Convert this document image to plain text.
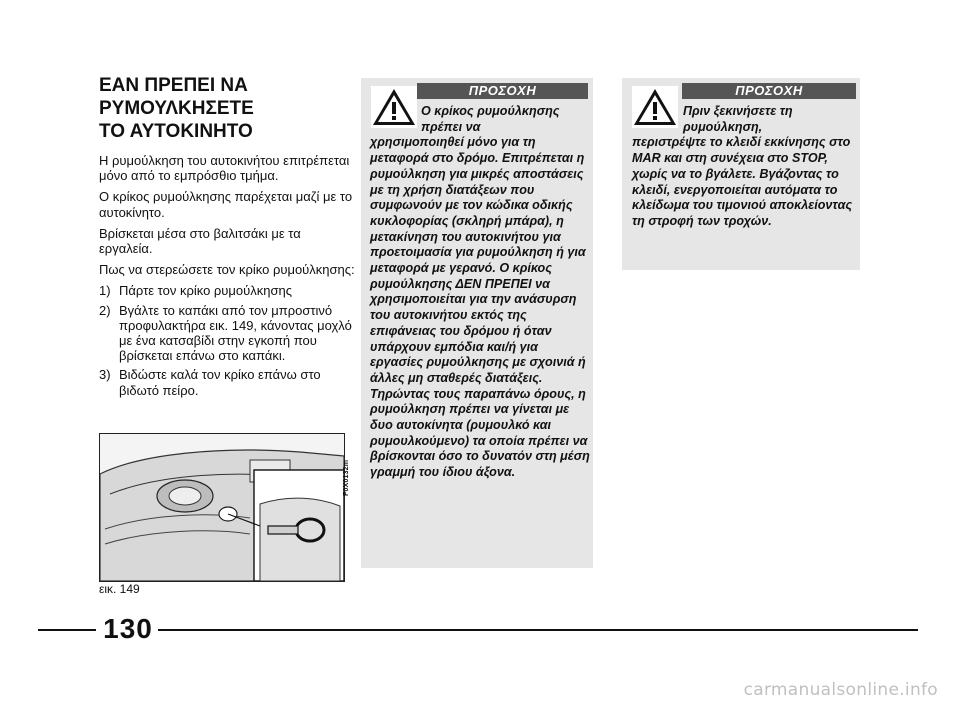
ΕΑΝ ΠΡΕΠΕΙ ΝΑ
ΡΥΜΟΥΛΚΗΣΕΤΕ
ΤΟ ΑΥΤΟΚΙΝΗΤΟ

Η ρυμούλκηση του αυτοκινήτου επιτρέπεται μόνο από το εμπρόσθιο τμήμα.

Ο κρίκος ρυμούλκησης παρέχεται μαζί με το αυτοκίνητο.

Βρίσκεται μέσα στο βαλιτσάκι με τα εργαλεία.

Πως να στερεώσετε τον κρίκο ρυμούλκησης:

1) Πάρτε τον κρίκο ρυμούλκησης
2) Βγάλτε το καπάκι από τον μπροστινό προφυλακτήρα εικ. 149, κάνοντας μοχλό με ένα κατσαβίδι στην εγκοπή που βρίσκεται επάνω στο καπάκι.
3) Βιδώστε καλά τον κρίκο επάνω στο βιδωτό πείρο.
F0X0132m
εικ. 149
ΠΡΟΣΟΧΗ
Ο κρίκος ρυμούλκησης πρέπει να
χρησιμοποιηθεί μόνο για τη μεταφορά στο δρόμο. Επιτρέπεται η ρυμούλκηση για μικρές αποστάσεις με τη χρήση διατάξεων που συμφωνούν με τον κώδικα οδικής κυκλοφορίας (σκληρή μπάρα), η μετακίνηση του αυτοκινήτου για προετοιμασία για ρυμούλκηση ή για μεταφορά με γερανό. Ο κρίκος ρυμούλκησης ΔΕΝ ΠΡΕΠΕΙ να χρησιμοποιείται για την ανάσυρση του αυτοκινήτου εκτός της επιφάνειας του δρόμου ή όταν υπάρχουν εμπόδια και/ή για εργασίες ρυμούλκησης με σχοινιά ή άλλες μη σταθερές διατάξεις. Τηρώντας τους παραπάνω όρους, η ρυμούλκηση πρέπει να γίνεται με δυο αυτοκίνητα (ρυμουλκό και ρυμουλκούμενο) τα οποία πρέπει να βρίσκονται όσο το δυνατόν στη μέση γραμμή του ίδιου άξονα.
ΠΡΟΣΟΧΗ
Πριν ξεκινήσετε τη ρυμούλκηση,
περιστρέψτε το κλειδί εκκίνησης στο MAR και στη συνέχεια στο STOP, χωρίς να το βγάλετε. Βγάζοντας το κλειδί, ενεργοποιείται αυτόματα το κλείδωμα του τιμονιού αποκλείοντας τη στροφή των τροχών.
130
carmanualsonline.info
